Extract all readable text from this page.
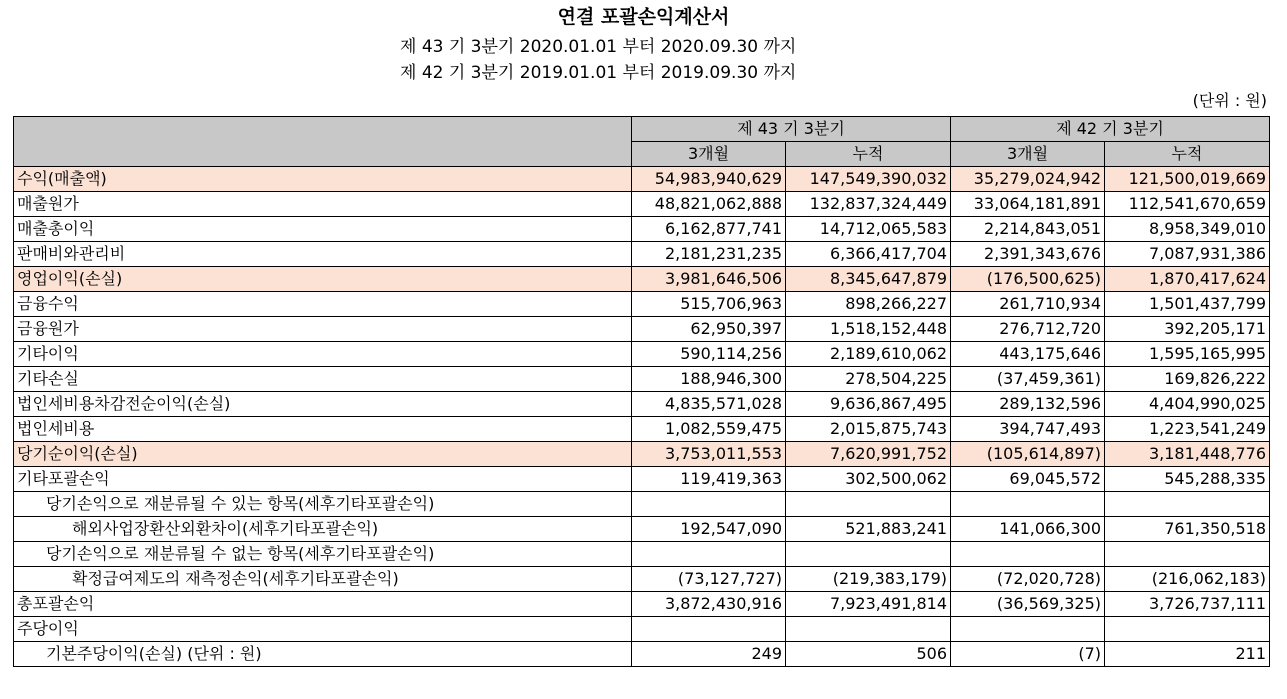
연결 포괄손익계산서
제 43 기 3분기 2020.01.01 부터 2020.09.30 까지
제 42 기 3분기 2019.01.01 부터 2019.09.30 까지
(단위 : 원)
	제 43 기 3분기		제 42 기 3분기	
	3개월	누적	3개월	누적
수익(매출액)	54,983,940,629	147,549,390,032	35,279,024,942	121,500,019,669
매출원가	48,821,062,888	132,837,324,449	33,064,181,891	112,541,670,659
매출총이익	6,162,877,741	14,712,065,583	2,214,843,051	8,958,349,010
판매비와관리비	2,181,231,235	6,366,417,704	2,391,343,676	7,087,931,386
영업이익(손실)	3,981,646,506	8,345,647,879	(176,500,625)	1,870,417,624
금융수익	515,706,963	898,266,227	261,710,934	1,501,437,799
금융원가	62,950,397	1,518,152,448	276,712,720	392,205,171
기타이익	590,114,256	2,189,610,062	443,175,646	1,595,165,995
기타손실	188,946,300	278,504,225	(37,459,361)	169,826,222
법인세비용차감전순이익(손실)	4,835,571,028	9,636,867,495	289,132,596	4,404,990,025
법인세비용	1,082,559,475	2,015,875,743	394,747,493	1,223,541,249
당기순이익(손실)	3,753,011,553	7,620,991,752	(105,614,897)	3,181,448,776
기타포괄손익	119,419,363	302,500,062	69,045,572	545,288,335
당기손익으로 재분류될 수 있는 항목(세후기타포괄손익)				
해외사업장환산외환차이(세후기타포괄손익)	192,547,090	521,883,241	141,066,300	761,350,518
당기손익으로 재분류될 수 없는 항목(세후기타포괄손익)				
확정급여제도의 재측정손익(세후기타포괄손익)	(73,127,727)	(219,383,179)	(72,020,728)	(216,062,183)
총포괄손익	3,872,430,916	7,923,491,814	(36,569,325)	3,726,737,111
주당이익				
기본주당이익(손실) (단위 : 원)	249	506	(7)	211
